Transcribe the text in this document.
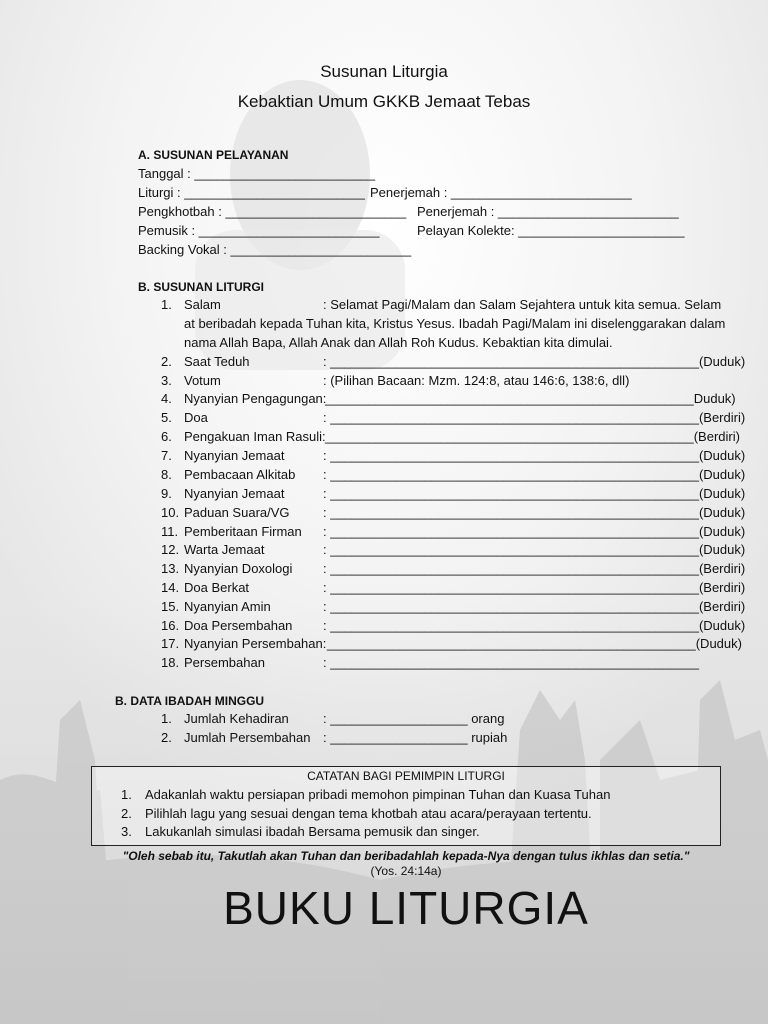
Susunan Liturgia
Kebaktian Umum GKKB Jemaat Tebas
A. SUSUNAN PELAYANAN
Tanggal : _________________________
Liturgi : _________________________ Penerjemah : _________________________
Pengkhotbah : _________________________ Penerjemah : _________________________
Pemusik : _________________________	Pelayan Kolekte: _______________________
Backing Vokal : _________________________
B. SUSUNAN LITURGI
1. Salam	: Selamat Pagi/Malam dan Salam Sejahtera untuk kita semua. Selam
at beribadah kepada Tuhan kita, Kristus Yesus. Ibadah Pagi/Malam ini diselenggarakan dalam
nama Allah Bapa, Allah Anak dan Allah Roh Kudus. Kebaktian kita dimulai.
2. Saat Teduh	: ___________________________________________________(Duduk)
3. Votum	: (Pilihan Bacaan: Mzm. 124:8, atau 146:6, 138:6, dll)
4. Nyanyian Pengagungan:
___________________________________________________Duduk)
5. Doa	: ___________________________________________________(Berdiri)
6. Pengakuan Iman Rasuli: ___________________________________________________(Berdiri)
7. Nyanyian Jemaat	: ___________________________________________________(Duduk)
8. Pembacaan Alkitab : ___________________________________________________(Duduk)
9. Nyanyian Jemaat	: ___________________________________________________(Duduk)
10. Paduan Suara/VG	: ___________________________________________________(Duduk)
11. Pemberitaan Firman : ___________________________________________________(Duduk)
12. Warta Jemaat	: ___________________________________________________(Duduk)
13. Nyanyian Doxologi : ___________________________________________________(Berdiri)
14. Doa Berkat	: ___________________________________________________(Berdiri)
15. Nyanyian Amin	: ___________________________________________________(Berdiri)
16. Doa Persembahan : ___________________________________________________(Duduk)
17. Nyanyian Persembahan: ___________________________________________________(Duduk)
18. Persembahan	: ___________________________________________________
B. DATA IBADAH MINGGU
1. Jumlah Kehadiran	: ___________________ orang
2. Jumlah Persembahan : ___________________ rupiah
CATATAN BAGI PEMIMPIN LITURGI
1. Adakanlah waktu persiapan pribadi memohon pimpinan Tuhan dan Kuasa Tuhan
2. Pilihlah lagu yang sesuai dengan tema khotbah atau acara/perayaan tertentu.
3. Lakukanlah simulasi ibadah Bersama pemusik dan singer.
"Oleh sebab itu, Takutlah akan Tuhan dan beribadahlah kepada-Nya dengan tulus ikhlas dan setia."
(Yos. 24:14a)
BUKU LITURGIA
